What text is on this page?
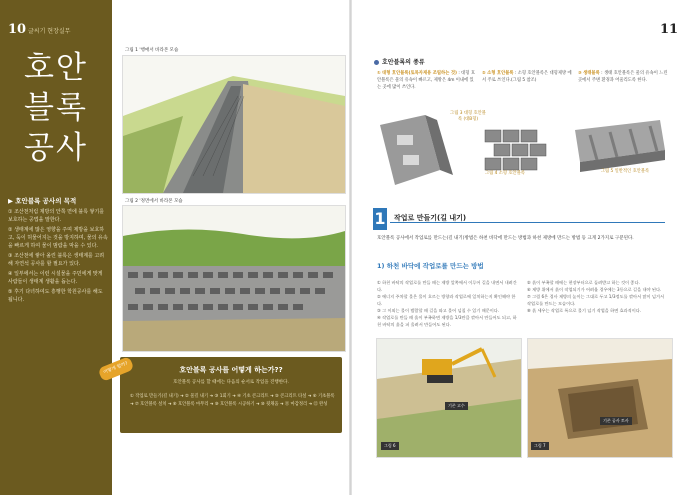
10 글씨기 현장실무
호안
블록
공사
▶ 호안블록 공사의 목적
① 조산천처럼 제방의 안쪽 면에 블록 쌓기를 보호하는 공법을 말한다.
② 생태계에 많은 영향을 주며 제방을 보호하고, 둑이 허물어지는 것을 방지하며, 물의 유속을 빠르게 하여 물이 범람을 막을 수 있다.
③ 조산천에 쌓아 올린 블록은 생태계를 고려해 자연석 공사를 할 필요가 있다.
④ 일부에서는 이런 시설물을 주민에게 맞게 사람들이 생태계 생활을 돕는다.
⑤ 후기 다녀하여도 흥행한 학원공사를 해도 됩니다.
그림 1 '행매서 바라본 모습
그림 2 '정면에서 바라본 모습
호안블록 공사를 어떻게 하는가??
호안블록 공사를 할 때에는 다음의 순서로 작업을 진행한다.
① 작업로 만들기(길 내기) ➜ ② 물길 내기 ➜ ③ 1회기 ➜ ④ 기초 콘크리트 ➜ ⑤ 콘크리트 타설 ➜ ⑥ 기초블록 ➜ ⑦ 호안블록 설치 ➜ ⑧ 호안블록 마무리 ➜ ⑨ 호안블록 시공하기 ➜ ⑩ 뒷채움 ➜ ⑪ 마감정리 ➜ ⑫ 완성
어떻게 할까?
11
호안블록의 종류
① 대형 호안블록(토목자재용 조립하는 것) : 대형 호안블록은 물의 유속이 빠르고, 제방은 4m 이내에 있는 곳에 많이 쓰인다.
② 소형 호안블록 : 소형 호안블록은 대형제방 에서 주로 쓰인다.(그림 5 참조)
③ 생태블록 : 생태 호안블록은 물의 유속이 느린 곳에서 주변 환경과 어울리도록 한다.
그림 3 대형 호안블록 (대B형)
그림 4 소형 호안블록	그림 5 일반적인 호안블록
1 작업로 만들기(길 내기)
호안블록 공사에서 작업로를 만드는(길 내기)방법은 하천 바닥에 만드는 방법과 하천 제방에 만드는 방법 등 크게 2가지로 구분된다.
1) 하천 바닥에 작업로를 만드는 방법
① 하천 바닥의 작업로를 만들 때는 제방 앞쪽에서 이루어 길을 내면서 내려간다.
② 에너지 주차할 물은 물이 흐르는 방향과 작업로에 일치하는지 확인해야 한다.
③ 그 이외는 물이 범람할 때 길을 따고 물어 넘칠 수 있기 때문이다.
④ 작업로를 만들 때 흙이 부족하면 제방을 1/3만큼 깎아서 만들어도 되고, 하천 바닥의 흙을 퍼 올려서 만들어도 된다.
⑤ 흙이 부족할 때에는 현장부터으로 돌려받고 하는 것이 좋다.
⑥ 제방 위에서 흙이 작업되기가 어려울 경우에는 3등으로 길을 내야 된다.
⑦ 그림 6은 경사 제방의 높이는 그대로 두고 1/3정도를 깎아서 많이 넘겨서 작업로를 만드는 모습이다.
⑧ 흙 세우는 작업로 폭으로 물기 넘기 작업을 하면 효과적이다.
그림 6
기존 고수
그림 7
기존 공사 토사
